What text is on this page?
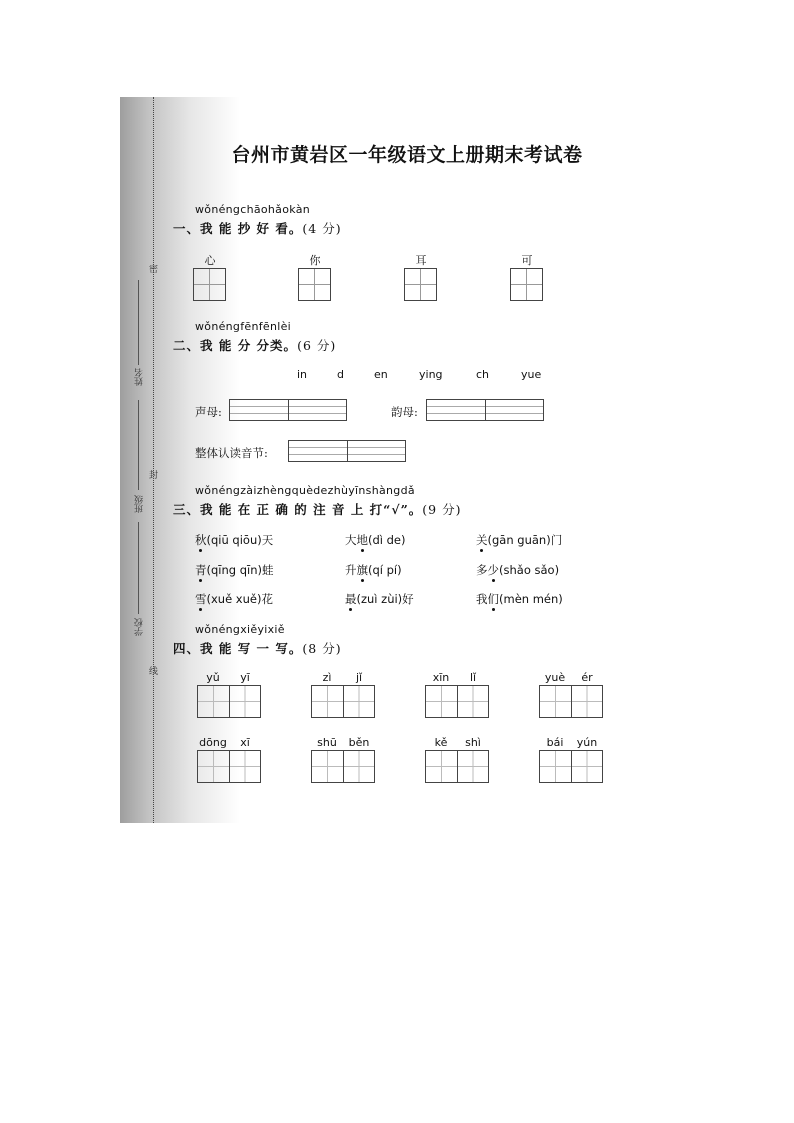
密
封
线
姓名
班级
学校
台州市黄岩区一年级语文上册期末考试卷
wǒnéngchāohǎokàn
一、我 能 抄 好 看。(4 分)
心	你	耳	可
wǒnéngfēnfēnlèi
二、我 能 分 分类。(6 分)
in	d	en	ying	ch	yue
声母:	韵母:
整体认读音节:
wǒnéngzàizhèngquèdezhùyīnshàngdǎ
三、我 能 在 正 确 的 注 音 上 打“√”。(9 分)
秋(qiū qiōu)天	大地(dì de)	关(gān guān)门
青(qīng qīn)蛙	升旗(qí pí)	多少(shǎo sǎo)
雪(xuě xuě)花	最(zuì zùi)好	我们(mèn mén)
wǒnéngxiěyixiě
四、我 能 写 一 写。(8 分)
yǔ	yī	zì	jǐ	xīn	lǐ	yuè	ér
dōng	xī	shū	běn	kě	shì	bái	yún
